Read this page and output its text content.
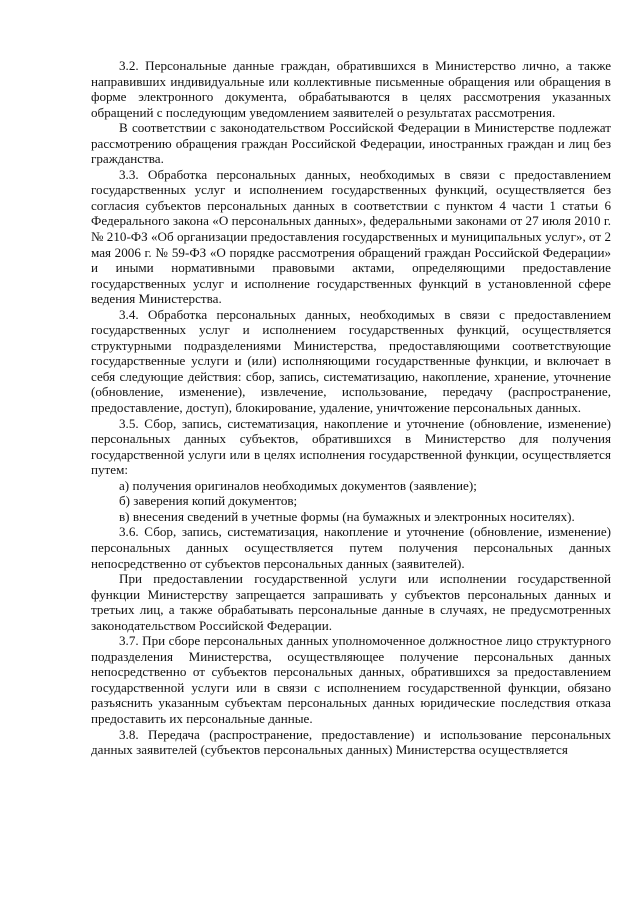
3.2. Персональные данные граждан, обратившихся в Министерство лично, а также направивших индивидуальные или коллективные письменные обращения или обращения в форме электронного документа, обрабатываются в целях рассмотрения указанных обращений с последующим уведомлением заявителей о результатах рассмотрения.

В соответствии с законодательством Российской Федерации в Министерстве подлежат рассмотрению обращения граждан Российской Федерации, иностранных граждан и лиц без гражданства.

3.3. Обработка персональных данных, необходимых в связи с предоставлением государственных услуг и исполнением государственных функций, осуществляется без согласия субъектов персональных данных в соответствии с пунктом 4 части 1 статьи 6 Федерального закона «О персональных данных», федеральными законами от 27 июля 2010 г. № 210-ФЗ «Об организации предоставления государственных и муниципальных услуг», от 2 мая 2006 г. № 59-ФЗ «О порядке рассмотрения обращений граждан Российской Федерации» и иными нормативными правовыми актами, определяющими предоставление государственных услуг и исполнение государственных функций в установленной сфере ведения Министерства.

3.4. Обработка персональных данных, необходимых в связи с предоставлением государственных услуг и исполнением государственных функций, осуществляется структурными подразделениями Министерства, предоставляющими соответствующие государственные услуги и (или) исполняющими государственные функции, и включает в себя следующие действия: сбор, запись, систематизацию, накопление, хранение, уточнение (обновление, изменение), извлечение, использование, передачу (распространение, предоставление, доступ), блокирование, удаление, уничтожение персональных данных.

3.5. Сбор, запись, систематизация, накопление и уточнение (обновление, изменение) персональных данных субъектов, обратившихся в Министерство для получения государственной услуги или в целях исполнения государственной функции, осуществляется путем:

а) получения оригиналов необходимых документов (заявление);

б) заверения копий документов;

в) внесения сведений в учетные формы (на бумажных и электронных носителях).

3.6. Сбор, запись, систематизация, накопление и уточнение (обновление, изменение) персональных данных осуществляется путем получения персональных данных непосредственно от субъектов персональных данных (заявителей).

При предоставлении государственной услуги или исполнении государственной функции Министерству запрещается запрашивать у субъектов персональных данных и третьих лиц, а также обрабатывать персональные данные в случаях, не предусмотренных законодательством Российской Федерации.

3.7. При сборе персональных данных уполномоченное должностное лицо структурного подразделения Министерства, осуществляющее получение персональных данных непосредственно от субъектов персональных данных, обратившихся за предоставлением государственной услуги или в связи с исполнением государственной функции, обязано разъяснить указанным субъектам персональных данных юридические последствия отказа предоставить их персональные данные.

3.8. Передача (распространение, предоставление) и использование персональных данных заявителей (субъектов персональных данных) Министерства осуществляется
